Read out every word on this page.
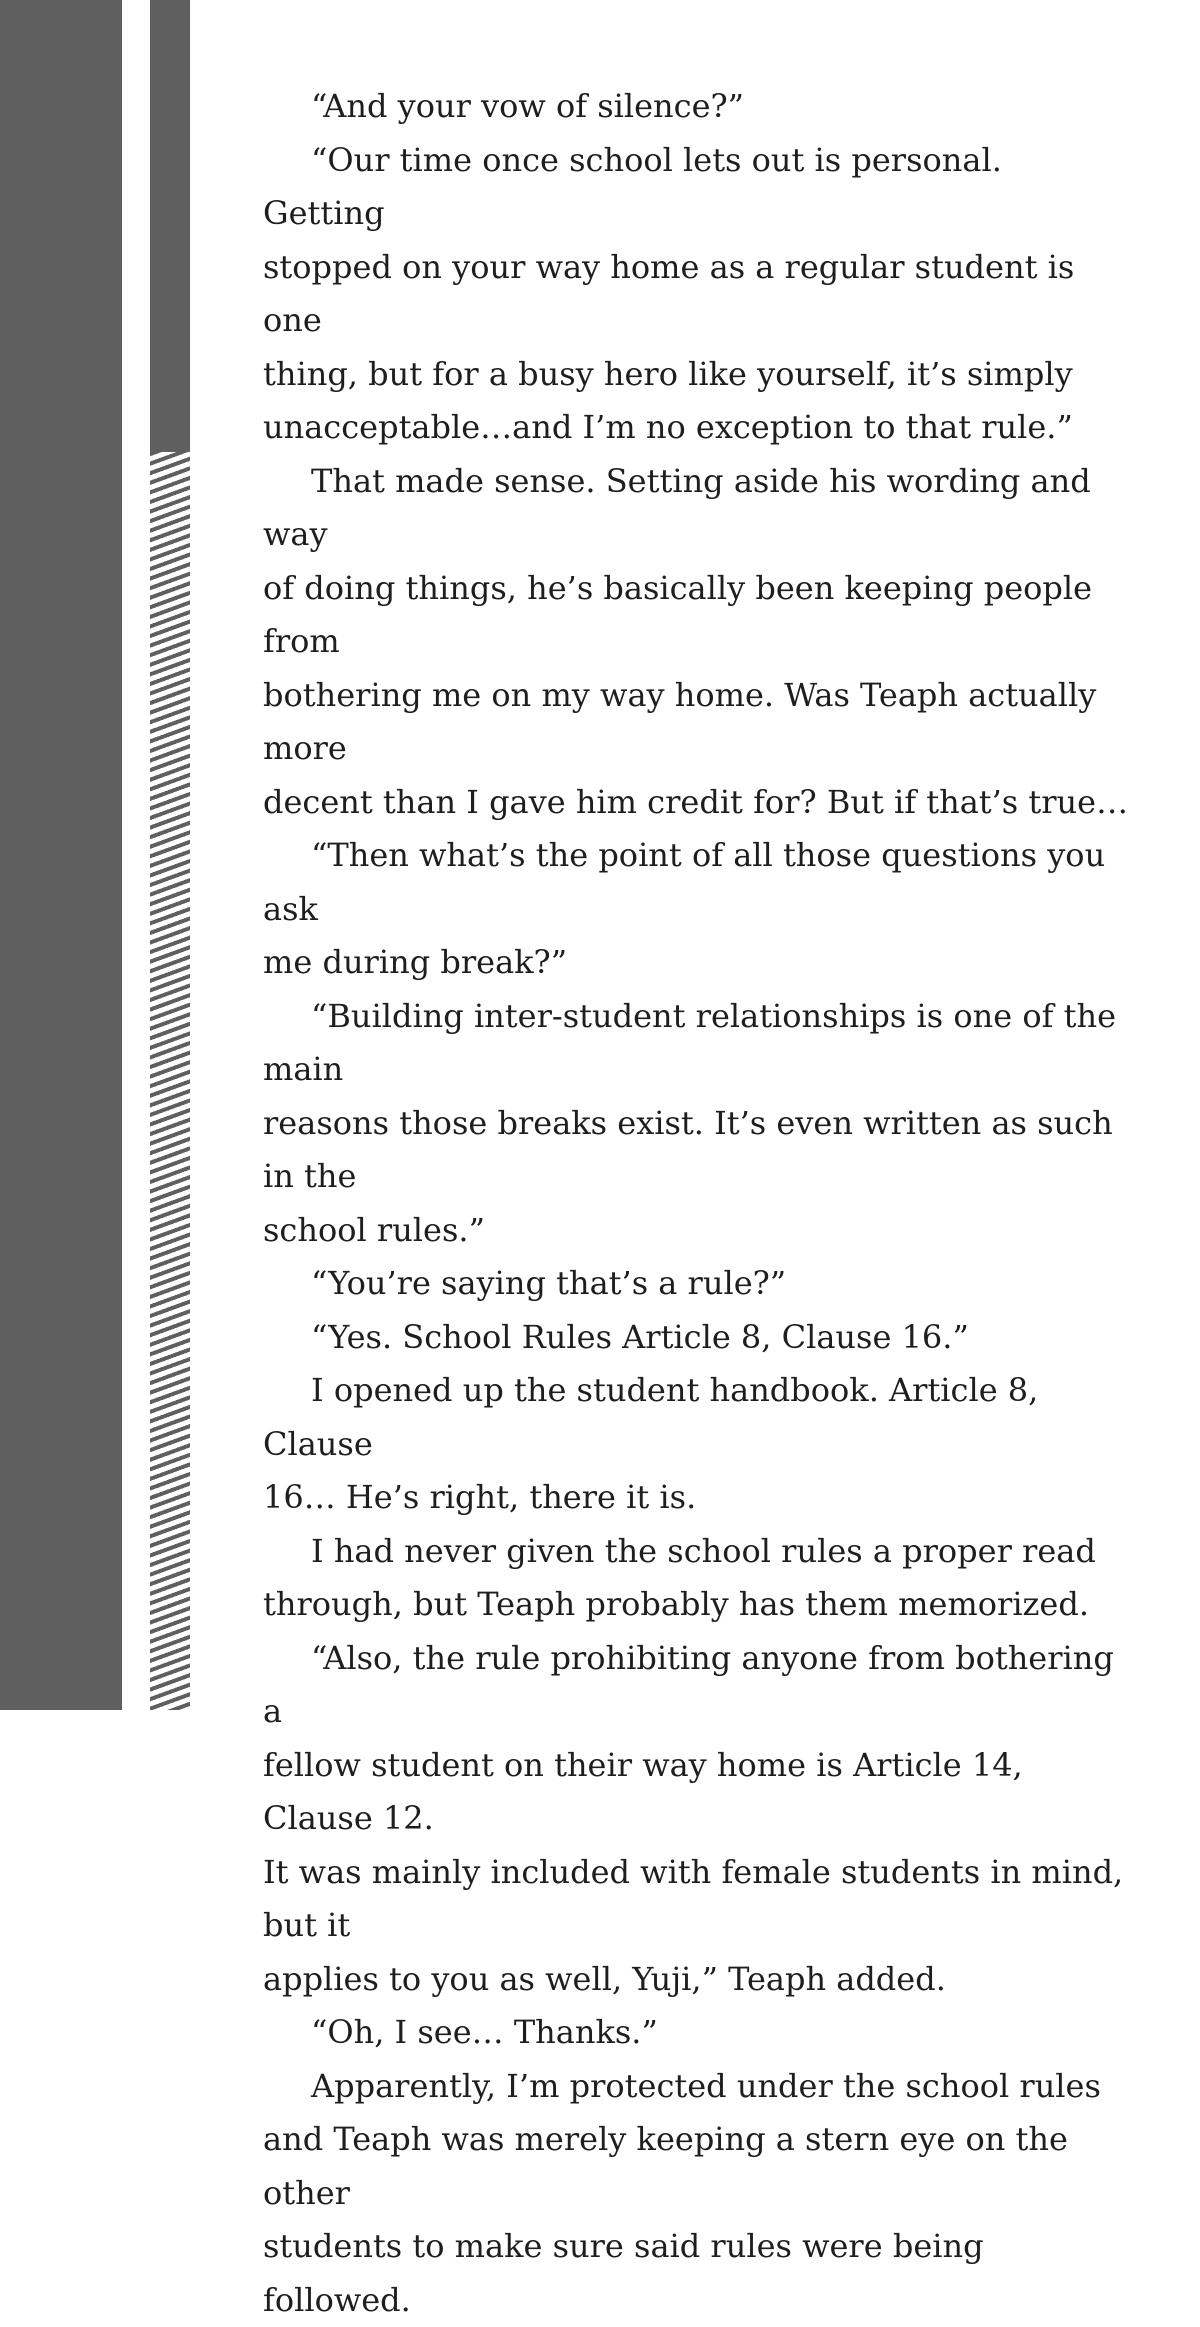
“And your vow of silence?”

“Our time once school lets out is personal. Getting
stopped on your way home as a regular student is one
thing, but for a busy hero like yourself, it’s simply
unacceptable…and I’m no exception to that rule.”

That made sense. Setting aside his wording and way
of doing things, he’s basically been keeping people from
bothering me on my way home. Was Teaph actually more
decent than I gave him credit for? But if that’s true…

“Then what’s the point of all those questions you ask
me during break?”

“Building inter-student relationships is one of the main
reasons those breaks exist. It’s even written as such in the
school rules.”

“You’re saying that’s a rule?”

“Yes. School Rules Article 8, Clause 16.”

I opened up the student handbook. Article 8, Clause
16… He’s right, there it is.

I had never given the school rules a proper read
through, but Teaph probably has them memorized.

“Also, the rule prohibiting anyone from bothering a
fellow student on their way home is Article 14, Clause 12.
It was mainly included with female students in mind, but it
applies to you as well, Yuji,” Teaph added.

“Oh, I see… Thanks.”

Apparently, I’m protected under the school rules
and Teaph was merely keeping a stern eye on the other
students to make sure said rules were being followed.
